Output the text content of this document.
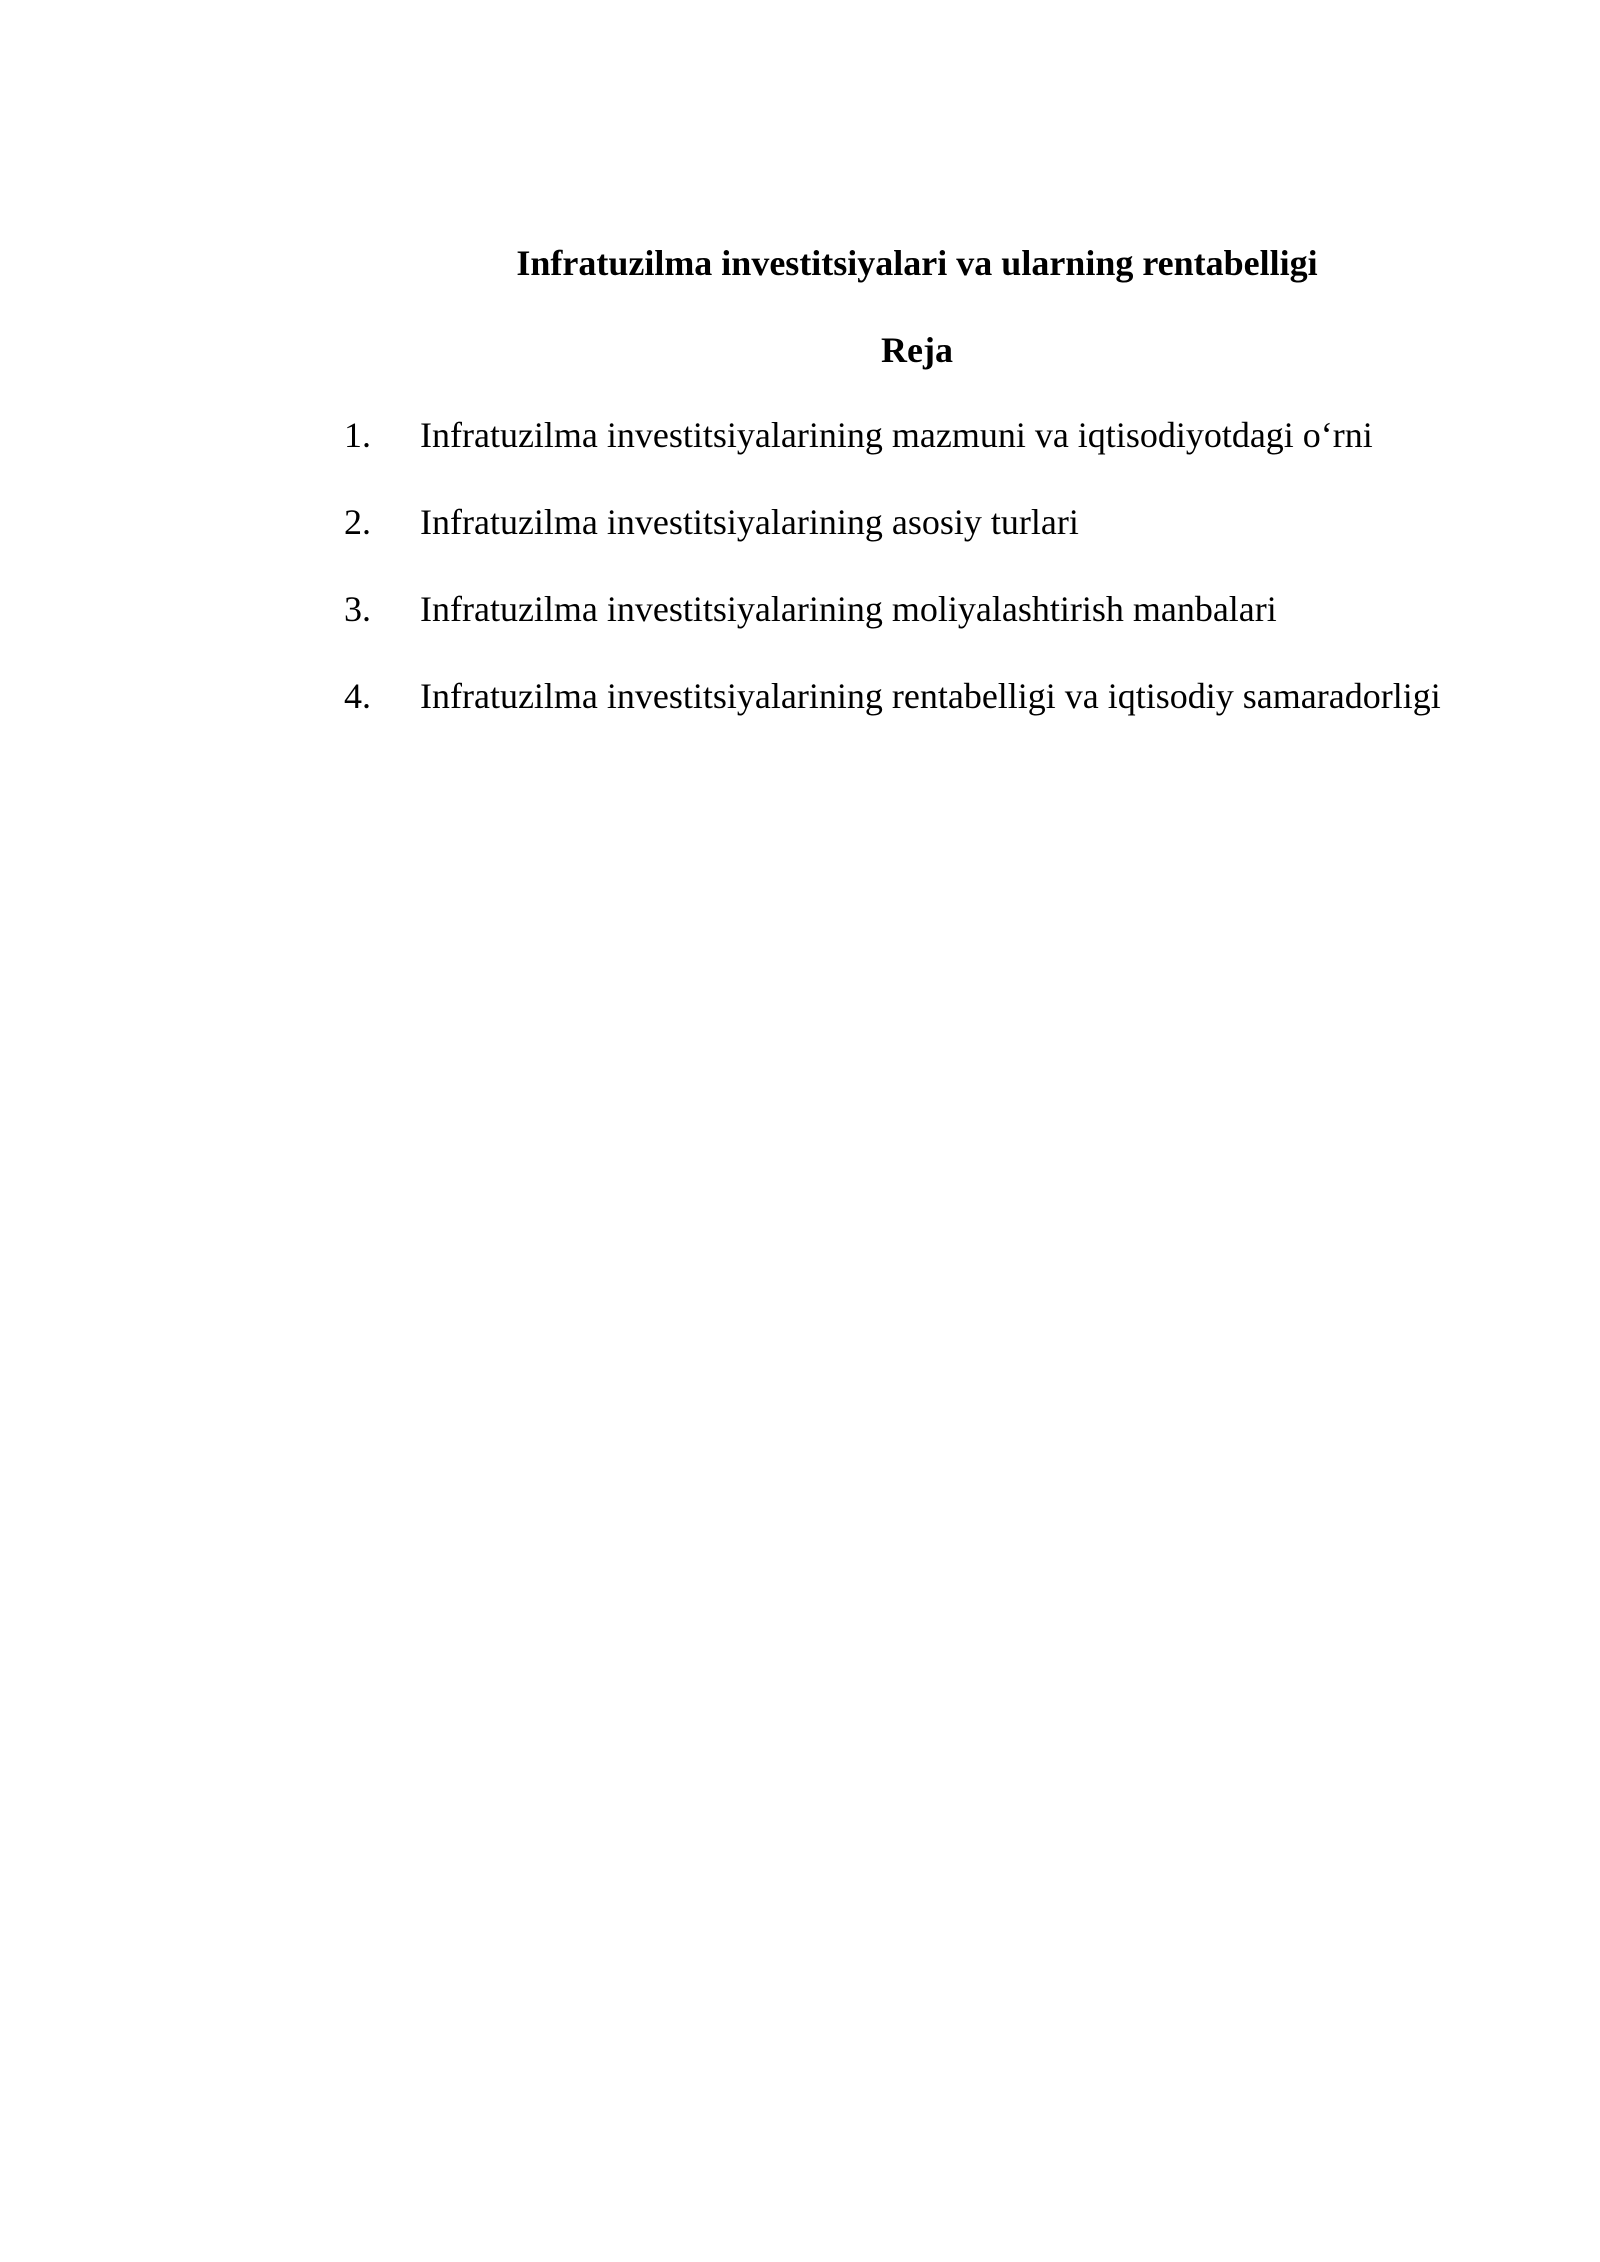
Infratuzilma investitsiyalari va ularning rentabelligi
Reja
1. Infratuzilma investitsiyalarining mazmuni va iqtisodiyotdagi o‘rni
2. Infratuzilma investitsiyalarining asosiy turlari
3. Infratuzilma investitsiyalarining moliyalashtirish manbalari
4. Infratuzilma investitsiyalarining rentabelligi va iqtisodiy samaradorligi
